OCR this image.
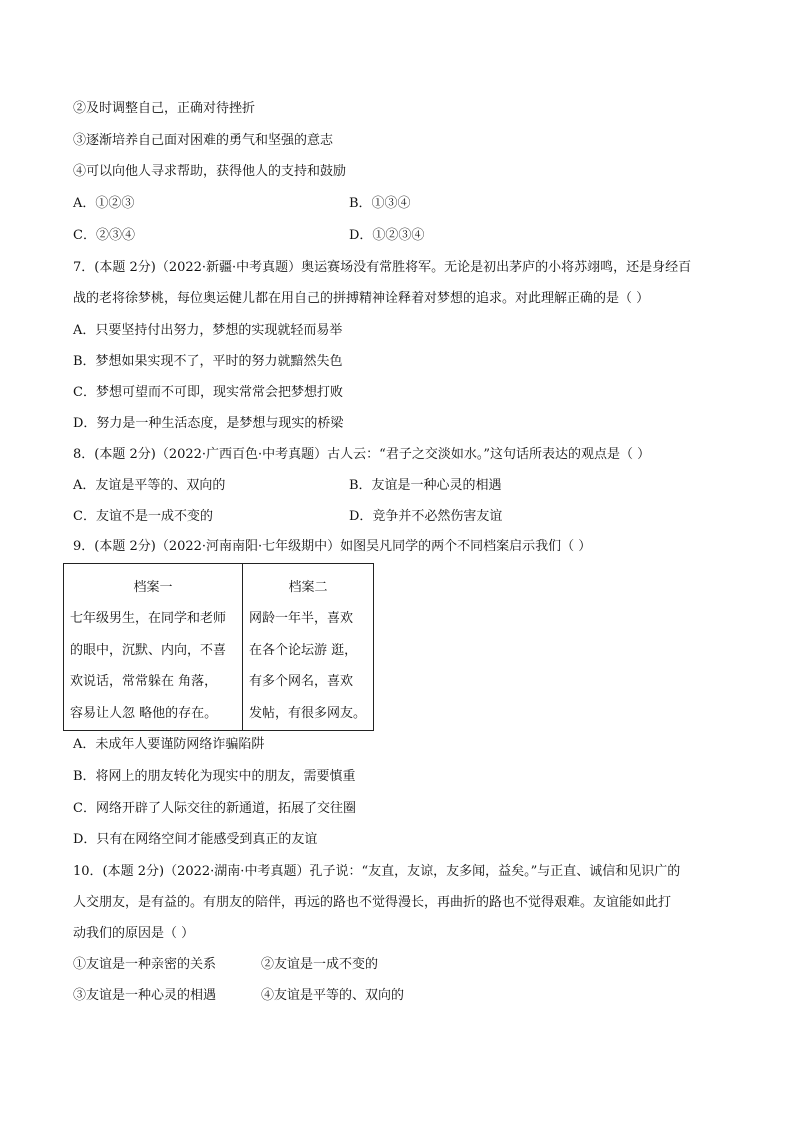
②及时调整自己，正确对待挫折
③逐渐培养自己面对困难的勇气和坚强的意志
④可以向他人寻求帮助，获得他人的支持和鼓励
A．①②③	B．①③④
C．②③④	D．①②③④
7．(本题 2分)（2022·新疆·中考真题）奥运赛场没有常胜将军。无论是初出茅庐的小将苏翊鸣，还是身经百
战的老将徐梦桃，每位奥运健儿都在用自己的拼搏精神诠释着对梦想的追求。对此理解正确的是（ ）
A．只要坚持付出努力，梦想的实现就轻而易举
B．梦想如果实现不了，平时的努力就黯然失色
C．梦想可望而不可即，现实常常会把梦想打败
D．努力是一种生活态度，是梦想与现实的桥梁
8．(本题 2分)（2022·广西百色·中考真题）古人云：“君子之交淡如水。”这句话所表达的观点是（ ）
A．友谊是平等的、双向的	B．友谊是一种心灵的相遇
C．友谊不是一成不变的	D．竞争并不必然伤害友谊
9．(本题 2分)（2022·河南南阳·七年级期中）如图吴凡同学的两个不同档案启示我们（ ）
档案一
七年级男生，在同学和老师
的眼中，沉默、内向，不喜
欢说话，常常躲在 角落，
容易让人忽 略他的存在。
档案二
网龄一年半，喜欢
在各个论坛游 逛，
有多个网名，喜欢
发帖，有很多网友。
A．未成年人要谨防网络诈骗陷阱
B．将网上的朋友转化为现实中的朋友，需要慎重
C．网络开辟了人际交往的新通道，拓展了交往圈
D．只有在网络空间才能感受到真正的友谊
10．(本题 2分)（2022·湖南·中考真题）孔子说：“友直，友谅，友多闻，益矣。”与正直、诚信和见识广的
人交朋友，是有益的。有朋友的陪伴，再远的路也不觉得漫长，再曲折的路也不觉得艰难。友谊能如此打
动我们的原因是（ ）
①友谊是一种亲密的关系	②友谊是一成不变的
③友谊是一种心灵的相遇	④友谊是平等的、双向的
